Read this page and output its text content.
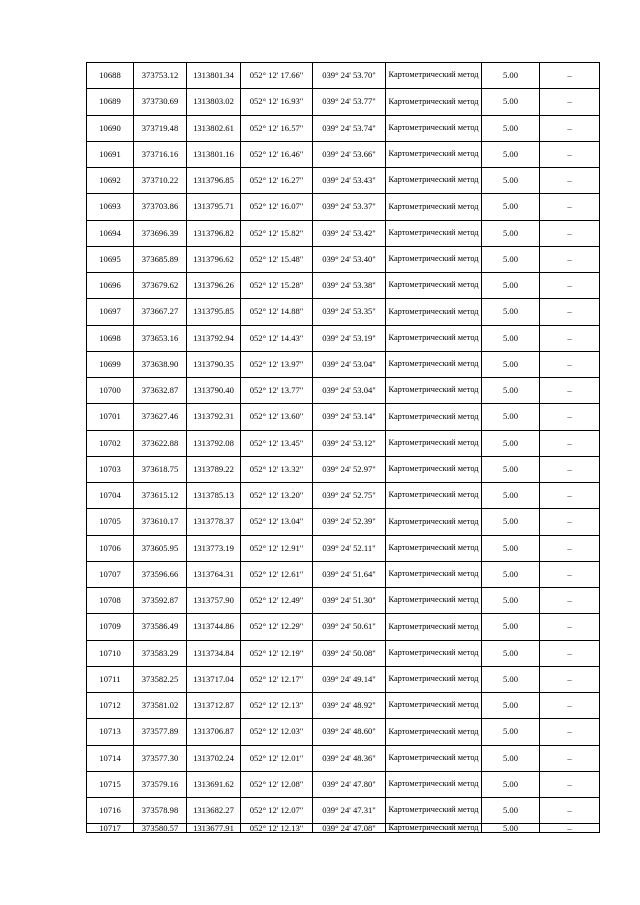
10688	373753.12	1313801.34	052° 12' 17.66"	039° 24' 53.70"	Картометрический метод	5.00	–
10689	373730.69	1313803.02	052° 12' 16.93"	039° 24' 53.77"	Картометрический метод	5.00	–
10690	373719.48	1313802.61	052° 12' 16.57"	039° 24' 53.74"	Картометрический метод	5.00	–
10691	373716.16	1313801.16	052° 12' 16.46"	039° 24' 53.66"	Картометрический метод	5.00	–
10692	373710.22	1313796.85	052° 12' 16.27"	039° 24' 53.43"	Картометрический метод	5.00	–
10693	373703.86	1313795.71	052° 12' 16.07"	039° 24' 53.37"	Картометрический метод	5.00	–
10694	373696.39	1313796.82	052° 12' 15.82"	039° 24' 53.42"	Картометрический метод	5.00	–
10695	373685.89	1313796.62	052° 12' 15.48"	039° 24' 53.40"	Картометрический метод	5.00	–
10696	373679.62	1313796.26	052° 12' 15.28"	039° 24' 53.38"	Картометрический метод	5.00	–
10697	373667.27	1313795.85	052° 12' 14.88"	039° 24' 53.35"	Картометрический метод	5.00	–
10698	373653.16	1313792.94	052° 12' 14.43"	039° 24' 53.19"	Картометрический метод	5.00	–
10699	373638.90	1313790.35	052° 12' 13.97"	039° 24' 53.04"	Картометрический метод	5.00	–
10700	373632.87	1313790.40	052° 12' 13.77"	039° 24' 53.04"	Картометрический метод	5.00	–
10701	373627.46	1313792.31	052° 12' 13.60"	039° 24' 53.14"	Картометрический метод	5.00	–
10702	373622.88	1313792.08	052° 12' 13.45"	039° 24' 53.12"	Картометрический метод	5.00	–
10703	373618.75	1313789.22	052° 12' 13.32"	039° 24' 52.97"	Картометрический метод	5.00	–
10704	373615.12	1313785.13	052° 12' 13.20"	039° 24' 52.75"	Картометрический метод	5.00	–
10705	373610.17	1313778.37	052° 12' 13.04"	039° 24' 52.39"	Картометрический метод	5.00	–
10706	373605.95	1313773.19	052° 12' 12.91"	039° 24' 52.11"	Картометрический метод	5.00	–
10707	373596.66	1313764.31	052° 12' 12.61"	039° 24' 51.64"	Картометрический метод	5.00	–
10708	373592.87	1313757.90	052° 12' 12.49"	039° 24' 51.30"	Картометрический метод	5.00	–
10709	373586.49	1313744.86	052° 12' 12.29"	039° 24' 50.61"	Картометрический метод	5.00	–
10710	373583.29	1313734.84	052° 12' 12.19"	039° 24' 50.08"	Картометрический метод	5.00	–
10711	373582.25	1313717.04	052° 12' 12.17"	039° 24' 49.14"	Картометрический метод	5.00	–
10712	373581.02	1313712.87	052° 12' 12.13"	039° 24' 48.92"	Картометрический метод	5.00	–
10713	373577.89	1313706.87	052° 12' 12.03"	039° 24' 48.60"	Картометрический метод	5.00	–
10714	373577.30	1313702.24	052° 12' 12.01"	039° 24' 48.36"	Картометрический метод	5.00	–
10715	373579.16	1313691.62	052° 12' 12.08"	039° 24' 47.80"	Картометрический метод	5.00	–
10716	373578.98	1313682.27	052° 12' 12.07"	039° 24' 47.31"	Картометрический метод	5.00	–
10717	373580.57	1313677.91	052° 12' 12.13"	039° 24' 47.08"	Картометрический метод	5.00	–
